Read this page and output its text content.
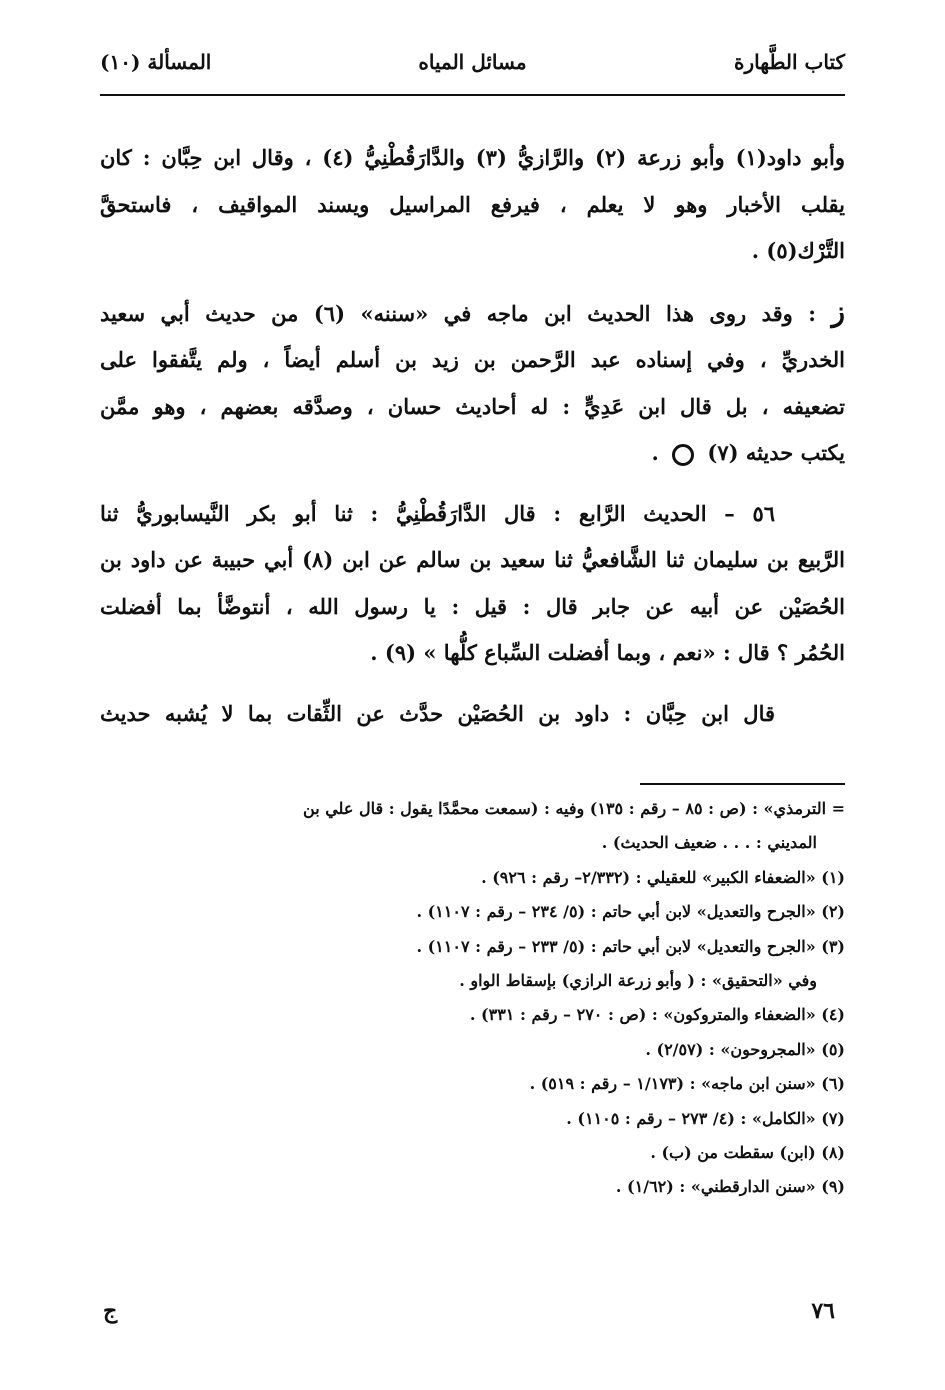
كتاب الطَّهارة
مسائل المياه
المسألة (١٠)
وأبو داود(١) وأبو زرعة (٢) والرَّازيُّ (٣) والدَّارَقُطْنِيُّ (٤) ، وقال ابن حِبَّان : كان
يقلب الأخبار وهو لا يعلم ، فيرفع المراسيل ويسند المواقيف ، فاستحقَّ
التَّرْك(٥) .
ز : وقد روى هذا الحديث ابن ماجه في «سننه» (٦) من حديث أبي سعيد
الخدريِّ ، وفي إسناده عبد الرَّحمن بن زيد بن أسلم أيضاً ، ولم يتَّفقوا على
تضعيفه ، بل قال ابن عَدِيٍّ : له أحاديث حسان ، وصدَّقه بعضهم ، وهو ممَّن
يكتب حديثه (٧)  .
٥٦ – الحديث الرَّابع : قال الدَّارَقُطْنِيُّ : ثنا أبو بكر النَّيسابوريُّ ثنا
الرَّبيع بن سليمان ثنا الشَّافعيُّ ثنا سعيد بن سالم عن ابن (٨) أبي حبيبة عن داود بن
الحُصَيْن عن أبيه عن جابر قال : قيل : يا رسول الله ، أنتوضَّأ بما أفضلت
الحُمُر ؟ قال : «نعم ، وبما أفضلت السِّباع كلُّها » (٩) .
قال ابن حِبَّان : داود بن الحُصَيْن حدَّث عن الثِّقات بما لا يُشبه حديث
= الترمذي» : (ص : ٨٥ – رقم : ١٣٥) وفيه : (سمعت محمَّدًا يقول : قال علي بن
المديني : . . . ضعيف الحديث) .
(١) «الضعفاء الكبير» للعقيلي : (٢/٣٣٢– رقم : ٩٢٦) .
(٢) «الجرح والتعديل» لابن أبي حاتم : (٥/ ٢٣٤ – رقم : ١١٠٧) .
(٣) «الجرح والتعديل» لابن أبي حاتم : (٥/ ٢٣٣ – رقم : ١١٠٧) .
وفي «التحقيق» : ( وأبو زرعة الرازي) بإسقاط الواو .
(٤) «الضعفاء والمتروكون» : (ص : ٢٧٠ – رقم : ٣٣١) .
(٥) «المجروحون» : (٢/٥٧) .
(٦) «سنن ابن ماجه» : (١/١٧٣ – رقم : ٥١٩) .
(٧) «الكامل» : (٤/ ٢٧٣ – رقم : ١١٠٥) .
(٨) (ابن) سقطت من (ب) .
(٩) «سنن الدارقطني» : (١/٦٢) .
٧٦
ج
